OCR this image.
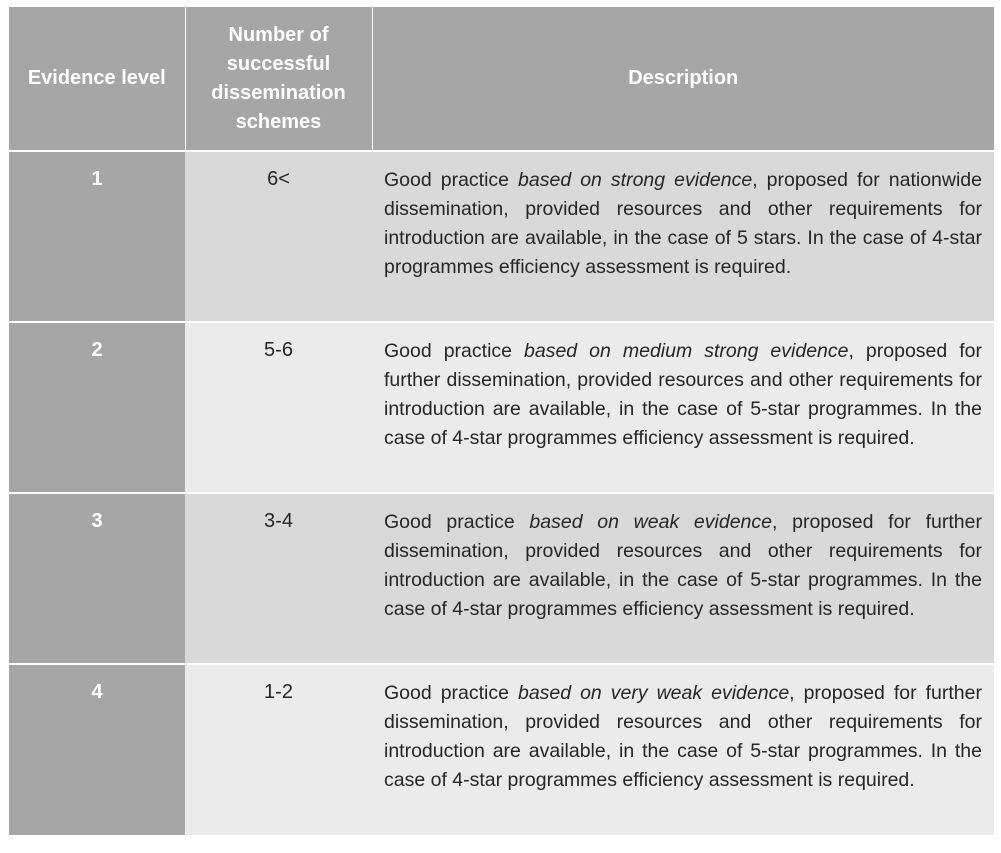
Evidence level	Number of successful dissemination schemes	Description
1	6<	Good practice based on strong evidence, proposed for nationwide dissemination, provided resources and other requirements for introduction are available, in the case of 5 stars. In the case of 4-star programmes efficiency assessment is required.
2	5-6	Good practice based on medium strong evidence, proposed for further dissemination, provided resources and other requirements for introduction are available, in the case of 5-star programmes. In the case of 4-star programmes efficiency assessment is required.
3	3-4	Good practice based on weak evidence, proposed for further dissemination, provided resources and other requirements for introduction are available, in the case of 5-star programmes. In the case of 4-star programmes efficiency assessment is required.
4	1-2	Good practice based on very weak evidence, proposed for further dissemination, provided resources and other requirements for introduction are available, in the case of 5-star programmes. In the case of 4-star programmes efficiency assessment is required.
